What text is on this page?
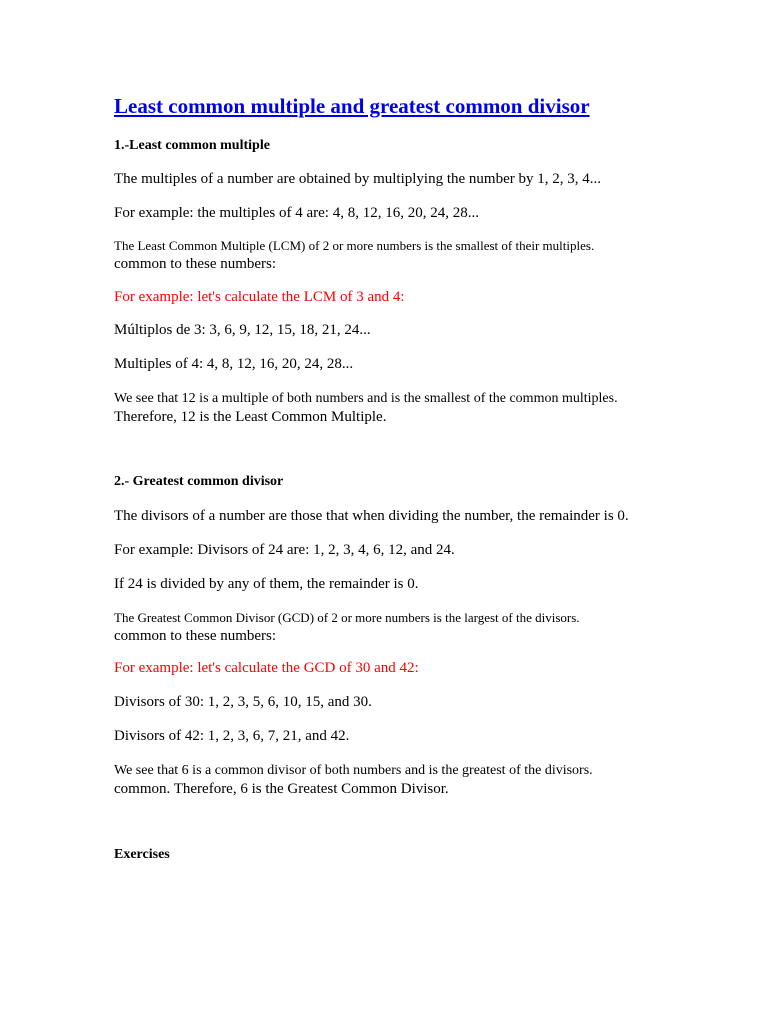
Least common multiple and greatest common divisor
1.-Least common multiple
The multiples of a number are obtained by multiplying the number by 1, 2, 3, 4...
For example: the multiples of 4 are: 4, 8, 12, 16, 20, 24, 28...
The Least Common Multiple (LCM) of 2 or more numbers is the smallest of their multiples.
common to these numbers:
For example: let's calculate the LCM of 3 and 4:
Múltiplos de 3: 3, 6, 9, 12, 15, 18, 21, 24...
Multiples of 4: 4, 8, 12, 16, 20, 24, 28...
We see that 12 is a multiple of both numbers and is the smallest of the common multiples.
Therefore, 12 is the Least Common Multiple.
2.- Greatest common divisor
The divisors of a number are those that when dividing the number, the remainder is 0.
For example: Divisors of 24 are: 1, 2, 3, 4, 6, 12, and 24.
If 24 is divided by any of them, the remainder is 0.
The Greatest Common Divisor (GCD) of 2 or more numbers is the largest of the divisors.
common to these numbers:
For example: let's calculate the GCD of 30 and 42:
Divisors of 30: 1, 2, 3, 5, 6, 10, 15, and 30.
Divisors of 42: 1, 2, 3, 6, 7, 21, and 42.
We see that 6 is a common divisor of both numbers and is the greatest of the divisors.
common. Therefore, 6 is the Greatest Common Divisor.
Exercises
